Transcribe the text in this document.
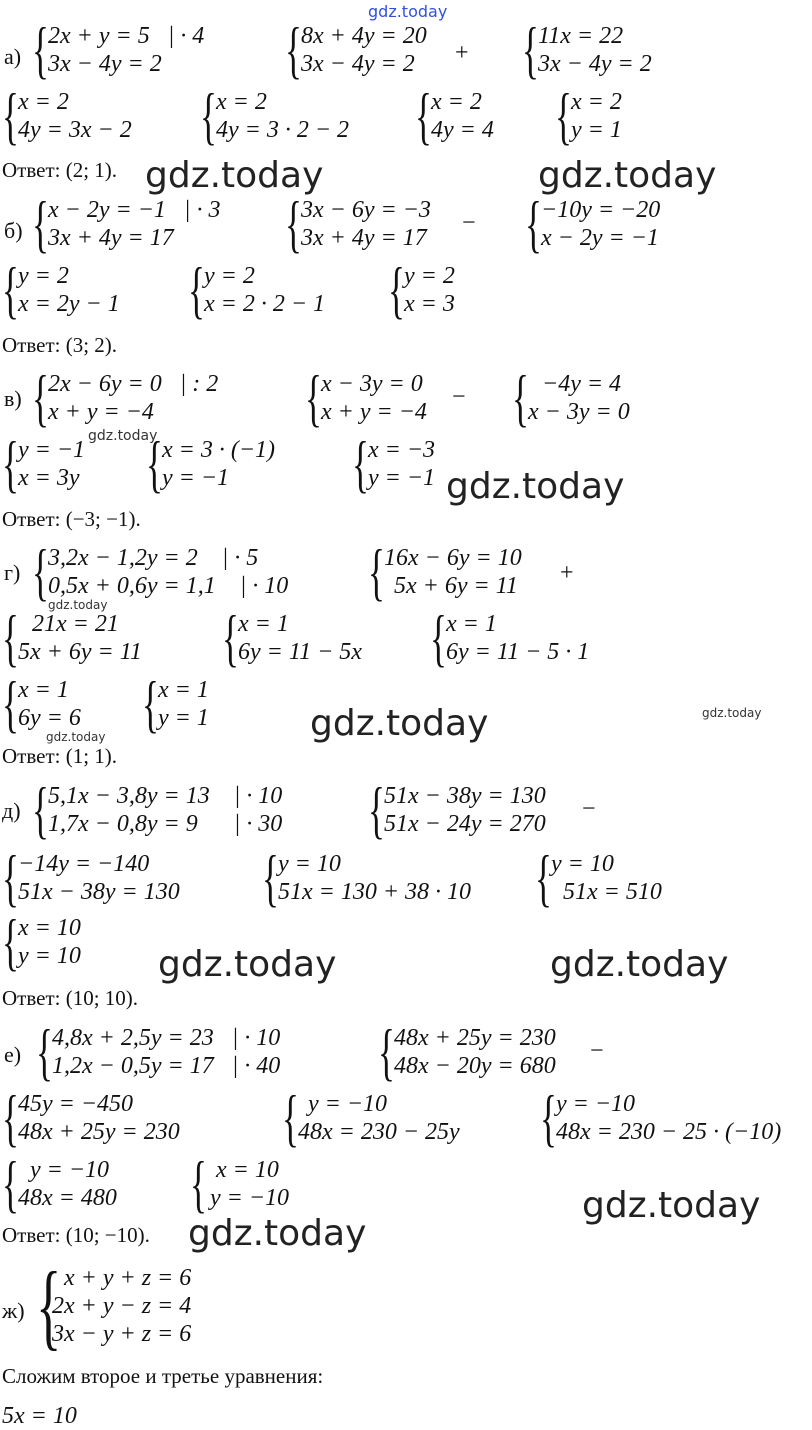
gdz.today
а) { 2x + y = 5   | · 4
3x − 4y = 2	{ 8x + 4y = 20
3x − 4y = 2	+ { 11x = 22
3x − 4y = 2
{ x = 2
4y = 3x − 2 { x = 2
4y = 3 · 2 − 2 { x = 2
4y = 4 { x = 2
y = 1
Ответ: (2; 1). gdz.today	gdz.today
б) { x − 2y = −1   | · 3
3x + 4y = 17	{ 3x − 6y = −3
3x + 4y = 17
− { −10y = −20
x − 2y = −1
{ y = 2
x = 2y − 1 { y = 2
x = 2 · 2 − 1 { y = 2
x = 3
Ответ: (3; 2).
в) { 2x − 6y = 0   | : 2
x + y = −4	{ x − 3y = 0
x + y = −4
− { −4y = 4
x − 3y = 0
gdz.today
{ y = −1
x = 3y { x = 3 · (−1)
y = −1	{ x = −3
y = −1 gdz.today
Ответ: (−3; −1).
г) { 3,2x − 1,2y = 2    | · 5
0,5x + 0,6y = 1,1    | · 10 { 16x − 6y = 10
5x + 6y = 11 +
gdz.today
{ 21x = 21
5x + 6y = 11 { x = 1
6y = 11 − 5x { x = 1
6y = 11 − 5 · 1
{ x = 1
6y = 6 { x = 1
y = 1
gdz.today	gdz.today	gdz.today
Ответ: (1; 1).
д) { 5,1x − 3,8y = 13    | · 10
1,7x − 0,8y = 9      | · 30 { 51x − 38y = 130
51x − 24y = 270
−
{ −14y = −140
51x − 38y = 130 { y = 10
51x = 130 + 38 · 10 { y = 10
51x = 510
{ x = 10
y = 10 gdz.today	gdz.today
Ответ: (10; 10).
е) { 4,8x + 2,5y = 23   | · 10
1,2x − 0,5y = 17   | · 40 { 48x + 25y = 230
48x − 20y = 680
−
{ 45y = −450
48x + 25y = 230 { y = −10
48x = 230 − 25y { y = −10
48x = 230 − 25 · (−10)
{ y = −10
48x = 480 { x = 10
y = −10	gdz.today
Ответ: (10; −10). gdz.today
ж) { x + y + z = 6
2x + y − z = 4
3x − y + z = 6
Сложим второе и третье уравнения:
5x = 10
